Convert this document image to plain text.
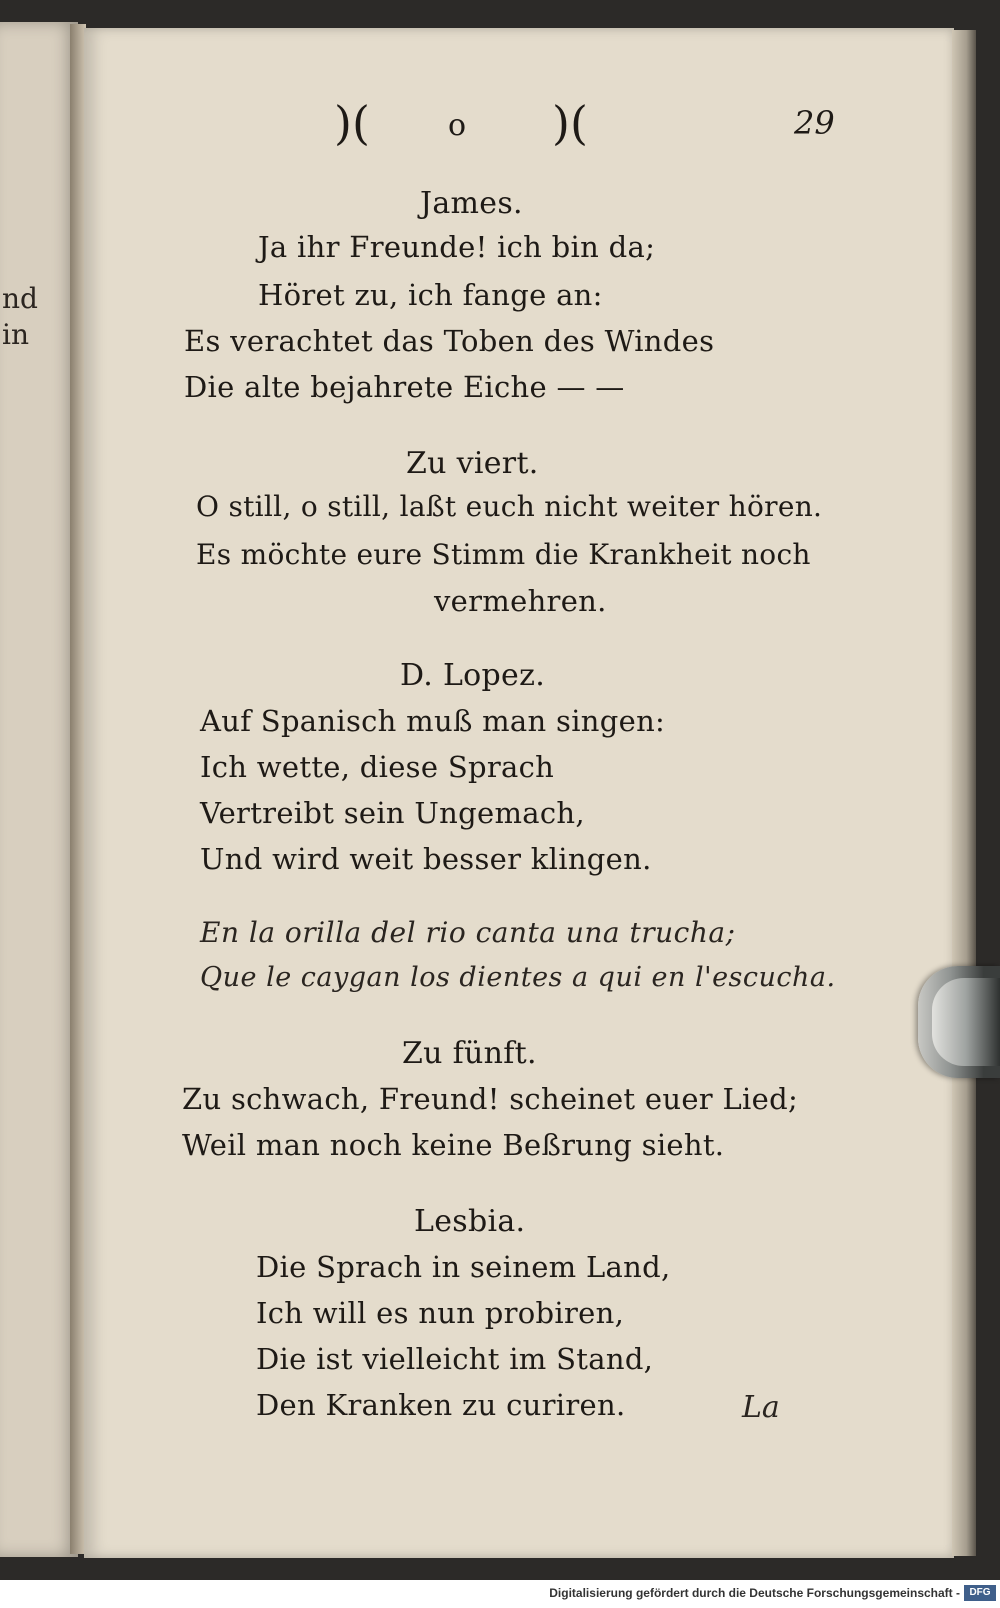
nd
in
)(	o )(	29
James.
Ja ihr Freunde! ich bin da;
Höret zu, ich fange an:
Es verachtet das Toben des Windes
Die alte bejahrete Eiche — —
Zu viert.
O still, o still, laßt euch nicht weiter hören.
Es möchte eure Stimm die Krankheit noch
vermehren.
D. Lopez.
Auf Spanisch muß man singen:
Ich wette, diese Sprach
Vertreibt sein Ungemach,
Und wird weit besser klingen.
En la orilla del rio canta una trucha;
Que le caygan los dientes a qui en l'escucha.
Zu fünft.
Zu schwach, Freund! scheinet euer Lied;
Weil man noch keine Beßrung sieht.
Lesbia.
Die Sprach in seinem Land,
Ich will es nun probiren,
Die ist vielleicht im Stand,
Den Kranken zu curiren.	La
Digitalisierung gefördert durch die Deutsche Forschungsgemeinschaft - DFG
